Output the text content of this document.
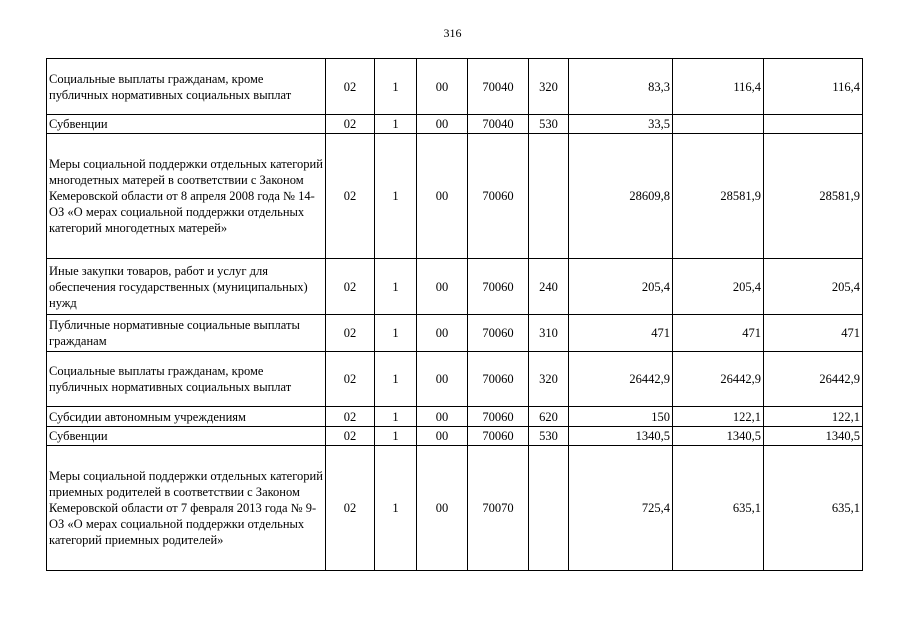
316
Социальные выплаты гражданам, кроме публичных нормативных социальных выплат	02	1	00	70040	320	83,3	116,4	116,4
Субвенции	02	1	00	70040	530	33,5		
Меры социальной поддержки отдельных категорий многодетных матерей в соответствии с Законом Кемеровской области от 8 апреля 2008 года № 14-ОЗ «О мерах социальной поддержки отдельных категорий многодетных матерей»	02	1	00	70060		28609,8	28581,9	28581,9
Иные закупки товаров, работ и услуг для обеспечения государственных (муниципальных) нужд	02	1	00	70060	240	205,4	205,4	205,4
Публичные нормативные социальные выплаты гражданам	02	1	00	70060	310	471	471	471
Социальные выплаты гражданам, кроме публичных нормативных социальных выплат	02	1	00	70060	320	26442,9	26442,9	26442,9
Субсидии автономным учреждениям	02	1	00	70060	620	150	122,1	122,1
Субвенции	02	1	00	70060	530	1340,5	1340,5	1340,5
Меры социальной поддержки отдельных категорий приемных родителей в соответствии с Законом Кемеровской области от 7 февраля 2013 года № 9-ОЗ «О мерах социальной поддержки отдельных категорий приемных родителей»	02	1	00	70070		725,4	635,1	635,1
